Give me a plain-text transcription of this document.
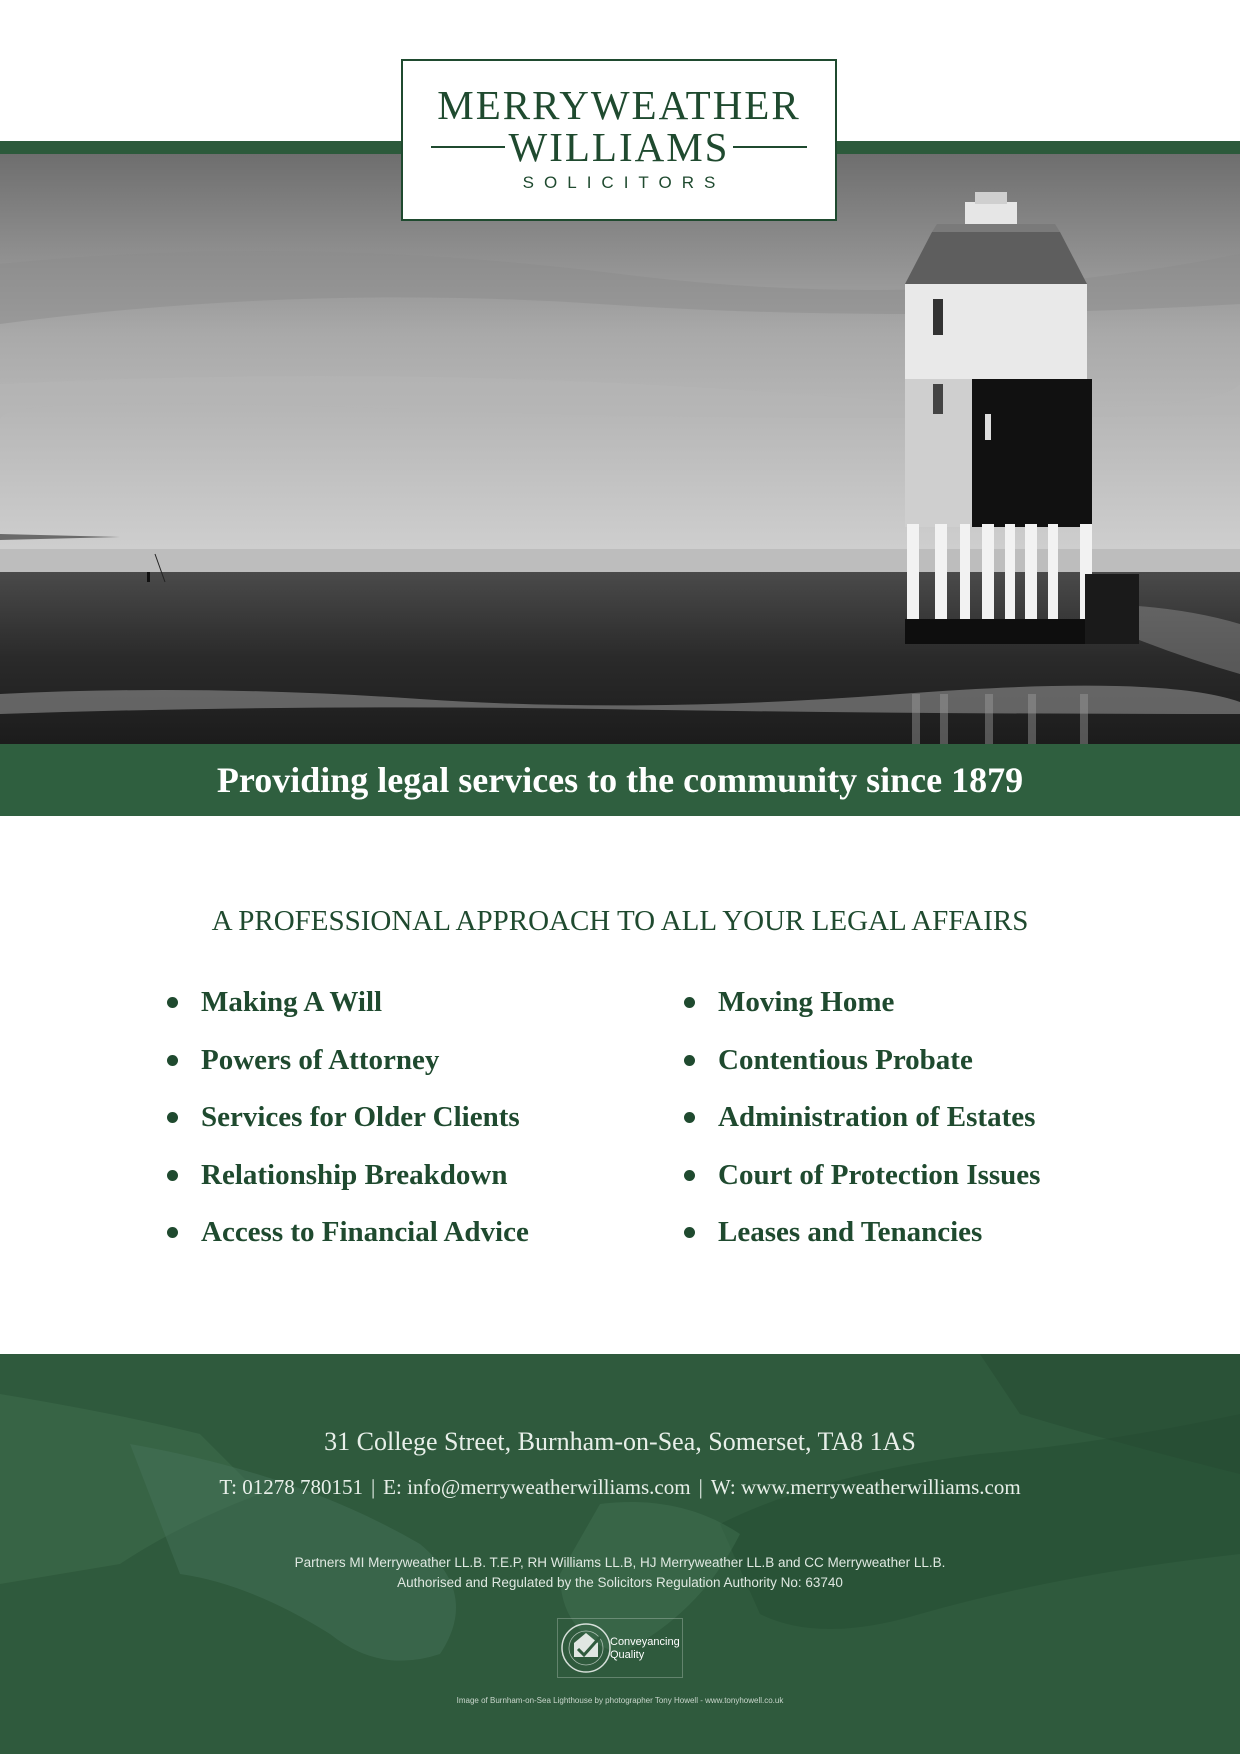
MERRYWEATHER
WILLIAMS
SOLICITORS
Providing legal services to the community since 1879
A PROFESSIONAL APPROACH TO ALL YOUR LEGAL AFFAIRS
Making A Will
Powers of Attorney
Services for Older Clients
Relationship Breakdown
Access to Financial Advice
Moving Home
Contentious Probate
Administration of Estates
Court of Protection Issues
Leases and Tenancies
31 College Street, Burnham-on-Sea, Somerset, TA8 1AS
T: 01278 780151 | E: info@merryweatherwilliams.com | W: www.merryweatherwilliams.com
Partners MI Merryweather LL.B. T.E.P, RH Williams LL.B, HJ Merryweather LL.B and CC Merryweather LL.B.
Authorised and Regulated by the Solicitors Regulation Authority No: 63740
Conveyancing
Quality
Image of Burnham-on-Sea Lighthouse by photographer Tony Howell - www.tonyhowell.co.uk
